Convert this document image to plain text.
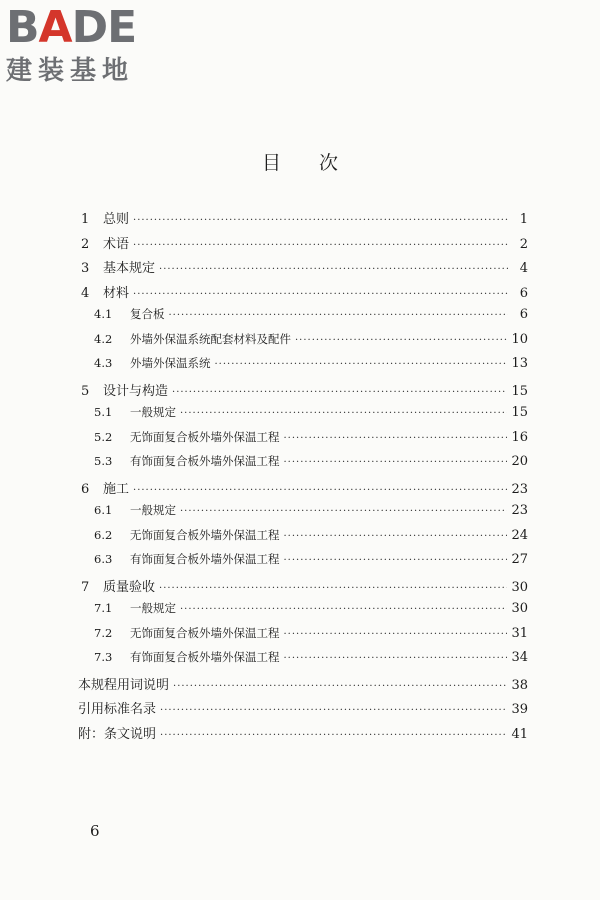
BADE
建装基地
目次
1	总则 ·····	1
2	术语 ·····	2
3	基本规定 ·····	4
4	材料 ·····	6
4.1	复合板 ·····	6
4.2	外墙外保温系统配套材料及配件 ·····	10
4.3	外墙外保温系统 ·····	13
5	设计与构造 ·····	15
5.1	一般规定 ·····	15
5.2	无饰面复合板外墙外保温工程 ·····	16
5.3	有饰面复合板外墙外保温工程 ·····	20
6	施工 ·····	23
6.1	一般规定 ·····	23
6.2	无饰面复合板外墙外保温工程 ·····	24
6.3	有饰面复合板外墙外保温工程 ·····	27
7	质量验收 ·····	30
7.1	一般规定 ·····	30
7.2	无饰面复合板外墙外保温工程 ·····	31
7.3	有饰面复合板外墙外保温工程 ·····	34
本规程用词说明 ·····	38
引用标准名录 ·····	39
附：条文说明 ·····	41
6
